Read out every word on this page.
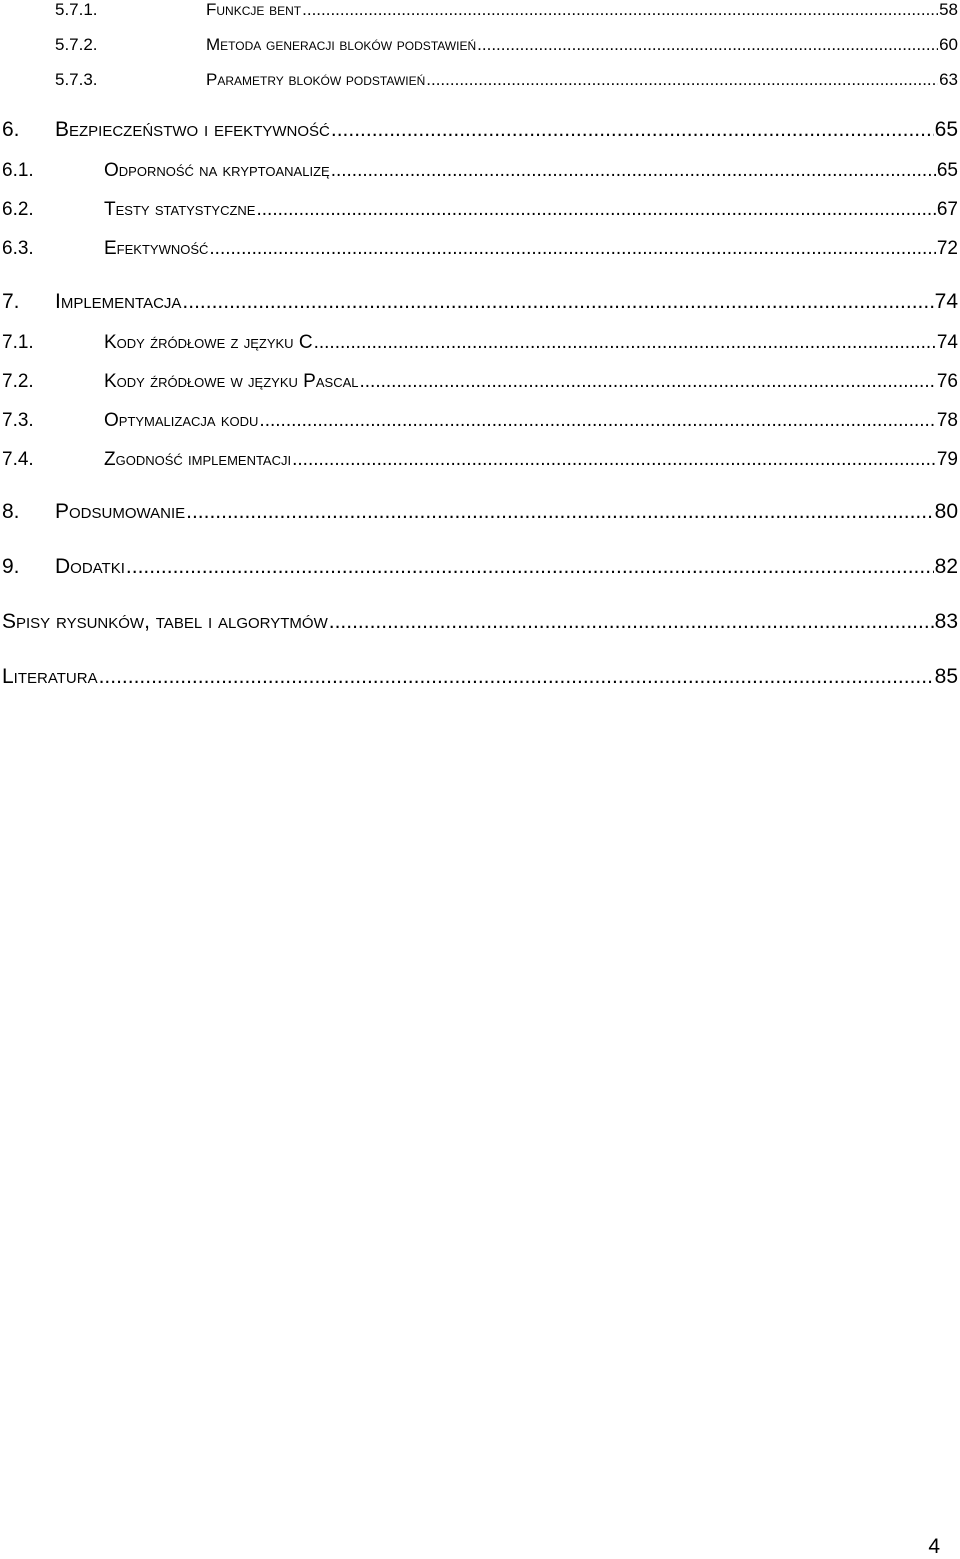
5.7.1.	Funkcje bent .....	58
5.7.2.	Metoda generacji bloków podstawień .....	60
5.7.3.	Parametry bloków podstawień .....	63
6.	Bezpieczeństwo i efektywność .....	65
6.1.	Odporność na kryptoanalizę .....	65
6.2.	Testy statystyczne .....	67
6.3.	Efektywność .....	72
7.	Implementacja .....	74
7.1.	Kody źródłowe z języku C .....	74
7.2.	Kody źródłowe w języku Pascal .....	76
7.3.	Optymalizacja kodu .....	78
7.4.	Zgodność implementacji .....	79
8.	Podsumowanie .....	80
9.	Dodatki .....	82
Spisy rysunków, tabel i algorytmów .....	83
Literatura .....	85
4
